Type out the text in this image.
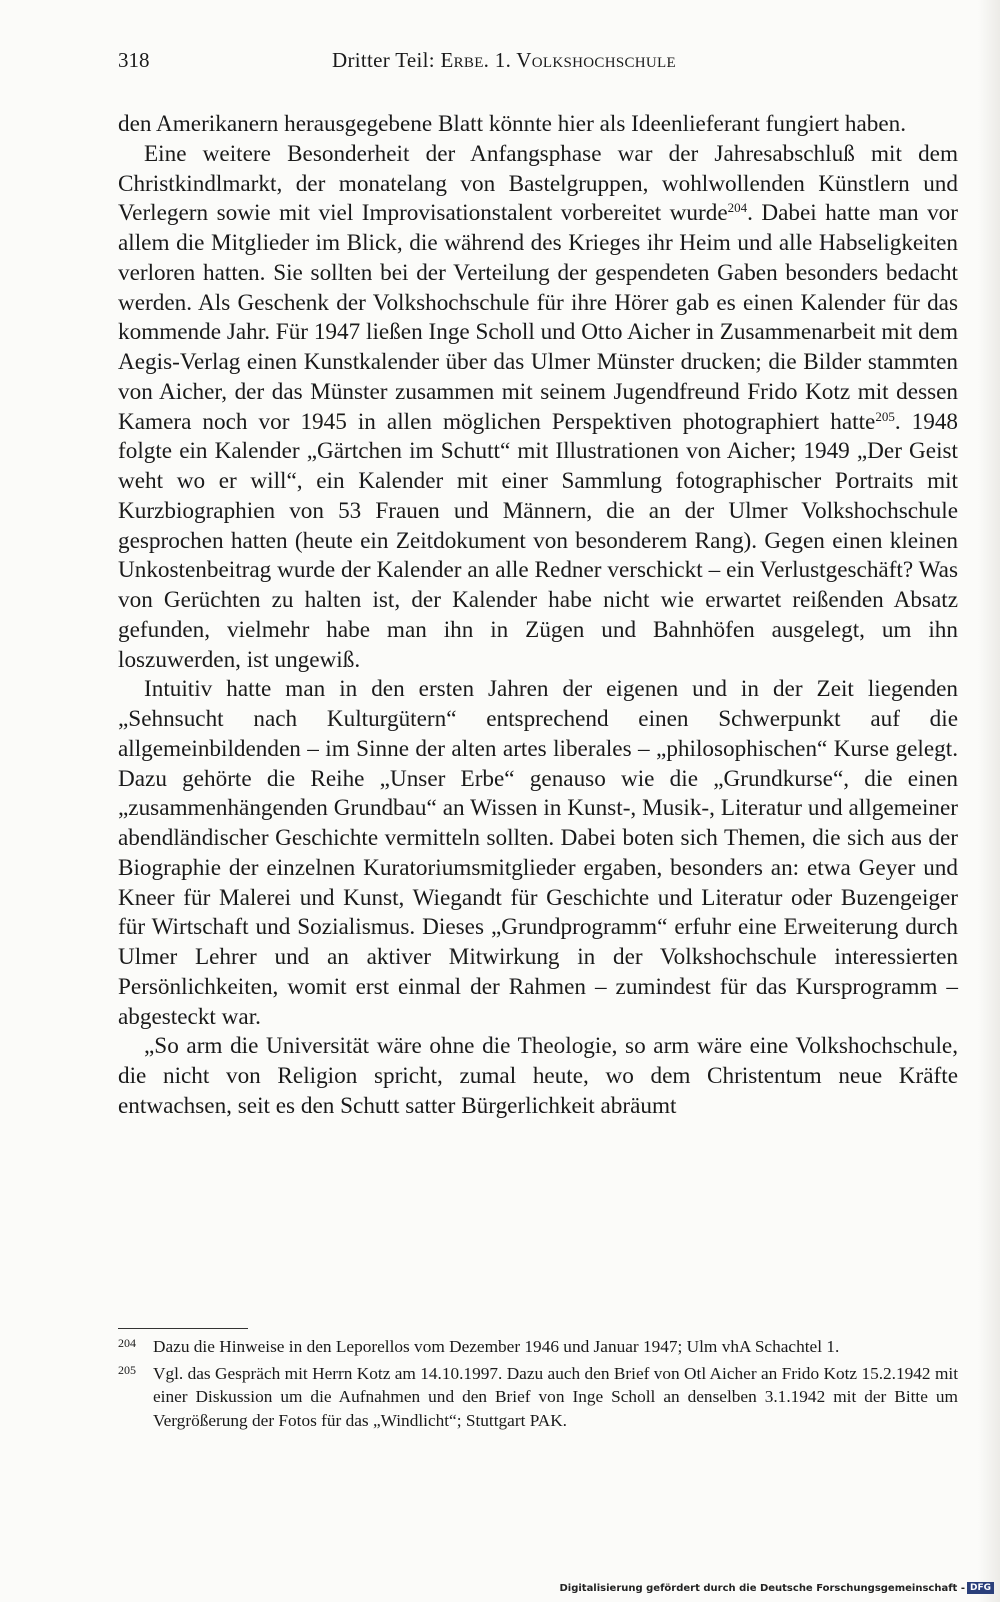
318	Dritter Teil: Erbe. 1. Volkshochschule

den Amerikanern herausgegebene Blatt könnte hier als Ideenlieferant fungiert haben.

Eine weitere Besonderheit der Anfangsphase war der Jahresabschluß mit dem Christkindlmarkt, der monatelang von Bastelgruppen, wohlwollenden Künstlern und Verlegern sowie mit viel Improvisationstalent vorbereitet wurde$^{204}$. Dabei hatte man vor allem die Mitglieder im Blick, die während des Krieges ihr Heim und alle Habseligkeiten verloren hatten. Sie sollten bei der Verteilung der gespendeten Gaben besonders bedacht werden. Als Geschenk der Volkshochschule für ihre Hörer gab es einen Kalender für das kommende Jahr. Für 1947 ließen Inge Scholl und Otto Aicher in Zusammenarbeit mit dem Aegis-Verlag einen Kunstkalender über das Ulmer Münster drucken; die Bilder stammten von Aicher, der das Münster zusammen mit seinem Jugendfreund Frido Kotz mit dessen Kamera noch vor 1945 in allen möglichen Perspektiven photographiert hatte$^{205}$. 1948 folgte ein Kalender „Gärtchen im Schutt“ mit Illustrationen von Aicher; 1949 „Der Geist weht wo er will“, ein Kalender mit einer Sammlung fotographischer Portraits mit Kurzbiographien von 53 Frauen und Männern, die an der Ulmer Volkshochschule gesprochen hatten (heute ein Zeitdokument von besonderem Rang). Gegen einen kleinen Unkostenbeitrag wurde der Kalender an alle Redner verschickt – ein Verlustgeschäft? Was von Gerüchten zu halten ist, der Kalender habe nicht wie erwartet reißenden Absatz gefunden, vielmehr habe man ihn in Zügen und Bahnhöfen ausgelegt, um ihn loszuwerden, ist ungewiß.

Intuitiv hatte man in den ersten Jahren der eigenen und in der Zeit liegenden „Sehnsucht nach Kulturgütern“ entsprechend einen Schwerpunkt auf die allgemeinbildenden – im Sinne der alten artes liberales – „philosophischen“ Kurse gelegt. Dazu gehörte die Reihe „Unser Erbe“ genauso wie die „Grundkurse“, die einen „zusammenhängenden Grundbau“ an Wissen in Kunst-, Musik-, Literatur und allgemeiner abendländischer Geschichte vermitteln sollten. Dabei boten sich Themen, die sich aus der Biographie der einzelnen Kuratoriumsmitglieder ergaben, besonders an: etwa Geyer und Kneer für Malerei und Kunst, Wiegandt für Geschichte und Literatur oder Buzengeiger für Wirtschaft und Sozialismus. Dieses „Grundprogramm“ erfuhr eine Erweiterung durch Ulmer Lehrer und an aktiver Mitwirkung in der Volkshochschule interessierten Persönlichkeiten, womit erst einmal der Rahmen – zumindest für das Kursprogramm – abgesteckt war.

„So arm die Universität wäre ohne die Theologie, so arm wäre eine Volkshochschule, die nicht von Religion spricht, zumal heute, wo dem Christentum neue Kräfte entwachsen, seit es den Schutt satter Bürgerlichkeit abräumt

204 Dazu die Hinweise in den Leporellos vom Dezember 1946 und Januar 1947; Ulm vhA Schachtel 1.
205 Vgl. das Gespräch mit Herrn Kotz am 14.10.1997. Dazu auch den Brief von Otl Aicher an Frido Kotz 15.2.1942 mit einer Diskussion um die Aufnahmen und den Brief von Inge Scholl an denselben 3.1.1942 mit der Bitte um Vergrößerung der Fotos für das „Windlicht“; Stuttgart PAK.
Digitalisierung gefördert durch die Deutsche Forschungsgemeinschaft - DFG
